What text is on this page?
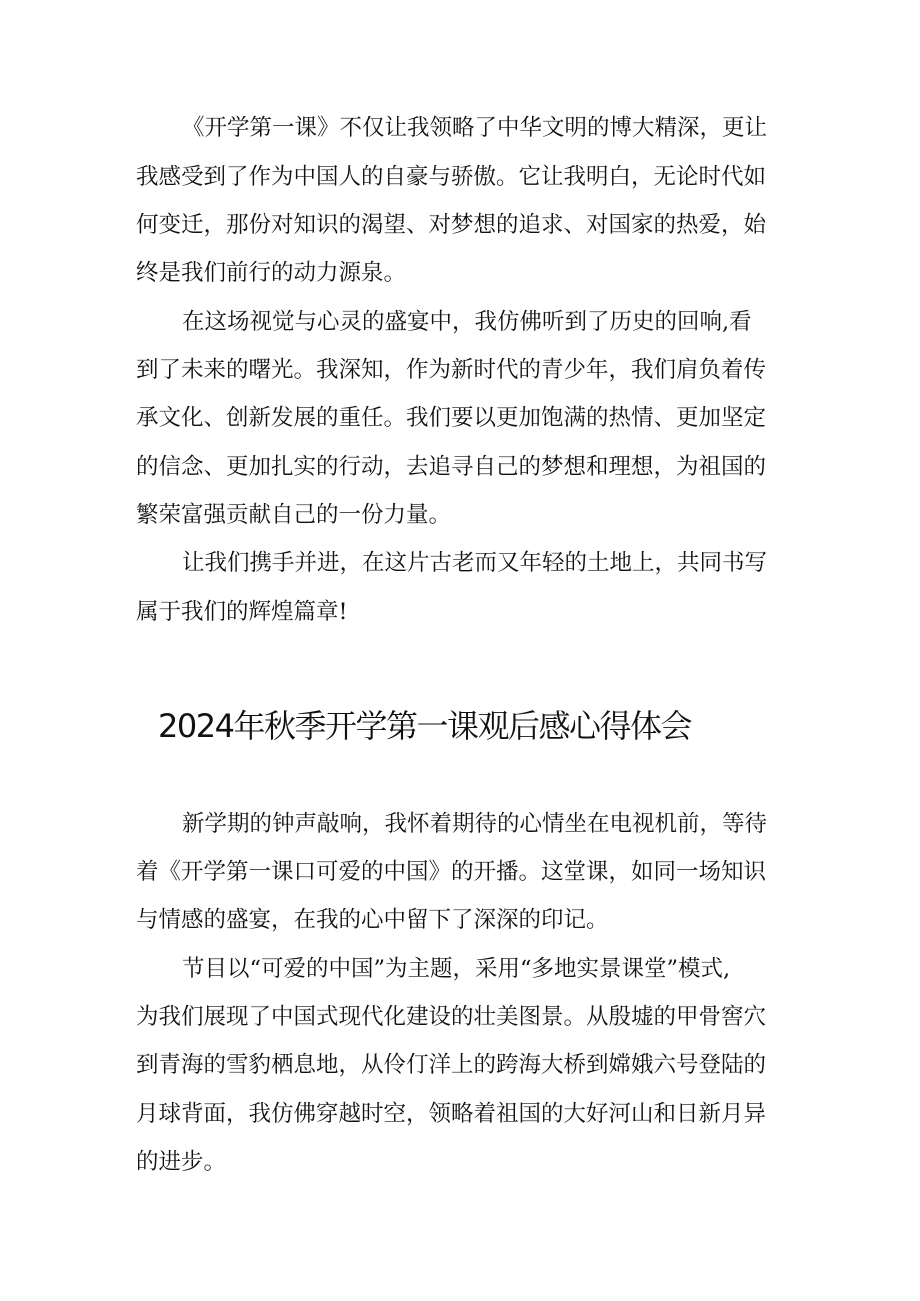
《开学第一课》不仅让我领略了中华文明的博大精深，更让

我感受到了作为中国人的自豪与骄傲。它让我明白，无论时代如

何变迁，那份对知识的渴望、对梦想的追求、对国家的热爱，始

终是我们前行的动力源泉。

在这场视觉与心灵的盛宴中，我仿佛听到了历史的回响,看

到了未来的曙光。我深知，作为新时代的青少年，我们肩负着传

承文化、创新发展的重任。我们要以更加饱满的热情、更加坚定

的信念、更加扎实的行动，去追寻自己的梦想和理想，为祖国的

繁荣富强贡献自己的一份力量。

让我们携手并进，在这片古老而又年轻的土地上，共同书写

属于我们的辉煌篇章!

2024年秋季开学第一课观后感心得体会

新学期的钟声敲响，我怀着期待的心情坐在电视机前，等待

着《开学第一课口可爱的中国》的开播。这堂课，如同一场知识

与情感的盛宴，在我的心中留下了深深的印记。

节目以“可爱的中国”为主题，采用“多地实景课堂”模式,

为我们展现了中国式现代化建设的壮美图景。从殷墟的甲骨窖穴

到青海的雪豹栖息地，从伶仃洋上的跨海大桥到嫦娥六号登陆的

月球背面，我仿佛穿越时空，领略着祖国的大好河山和日新月异

的进步。
